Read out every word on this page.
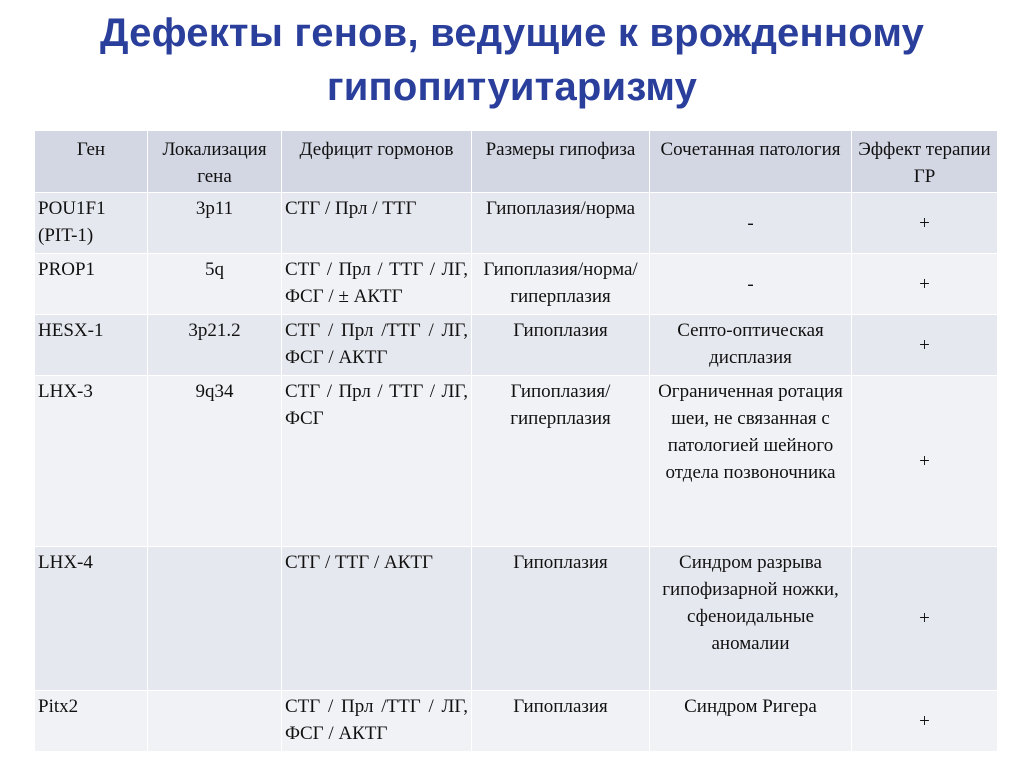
Дефекты генов, ведущие к врожденному
гипопитуитаризму
Ген	Локализация гена	Дефицит гормонов	Размеры гипофиза	Сочетанная патология	Эффект терапии ГР
POU1F1 (PIT-1)	3p11	СТГ / Прл / ТТГ	Гипоплазия/норма	-	+
PROP1	5q	СТГ / Прл / ТТГ / ЛГ, ФСГ / ± АКТГ	Гипоплазия/норма/гиперплазия	-	+
HESX-1	3p21.2	СТГ / Прл /ТТГ / ЛГ, ФСГ / АКТГ	Гипоплазия	Септо-оптическая дисплазия	+
LHX-3	9q34	СТГ / Прл / ТТГ / ЛГ, ФСГ	Гипоплазия/гиперплазия	Ограниченная ротация шеи, не связанная с патологией шейного отдела позвоночника	+
LHX-4		СТГ / ТТГ / АКТГ	Гипоплазия	Синдром разрыва гипофизарной ножки, сфеноидальные аномалии	+
Pitx2		СТГ / Прл /ТТГ / ЛГ, ФСГ / АКТГ	Гипоплазия	Синдром Ригера	+
